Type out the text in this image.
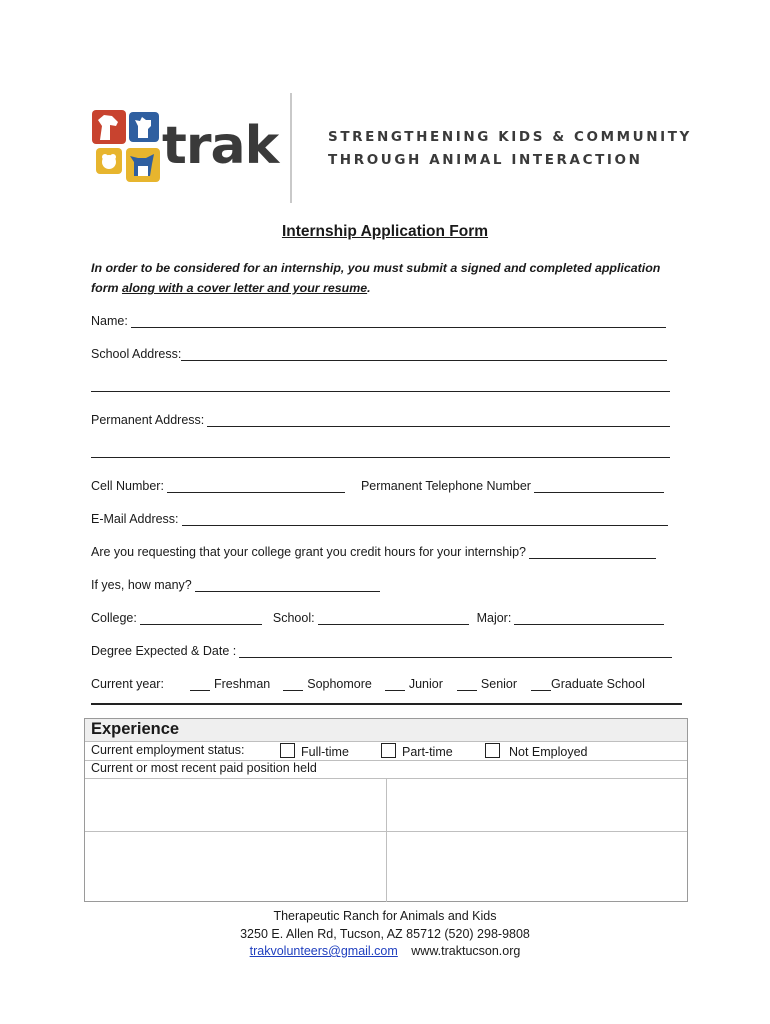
trak	STRENGTHENING KIDS & COMMUNITY
THROUGH ANIMAL INTERACTION
Internship Application Form
In order to be considered for an internship, you must submit a signed and completed application form along with a cover letter and your resume.
Name:
School Address:
Permanent Address:
Cell Number:	Permanent Telephone Number
E-Mail Address:
Are you requesting that your college grant you credit hours for your internship?
If yes, how many?
College:	School:	Major:
Degree Expected & Date :
Current year:	Freshman	Sophomore	Junior	Senior	Graduate School
Experience
Current employment status:	Full-time	Part-time	Not Employed
Current or most recent paid position held
Therapeutic Ranch for Animals and Kids
3250 E. Allen Rd, Tucson, AZ 85712 (520) 298-9808
trakvolunteers@gmail.com www.traktucson.org
